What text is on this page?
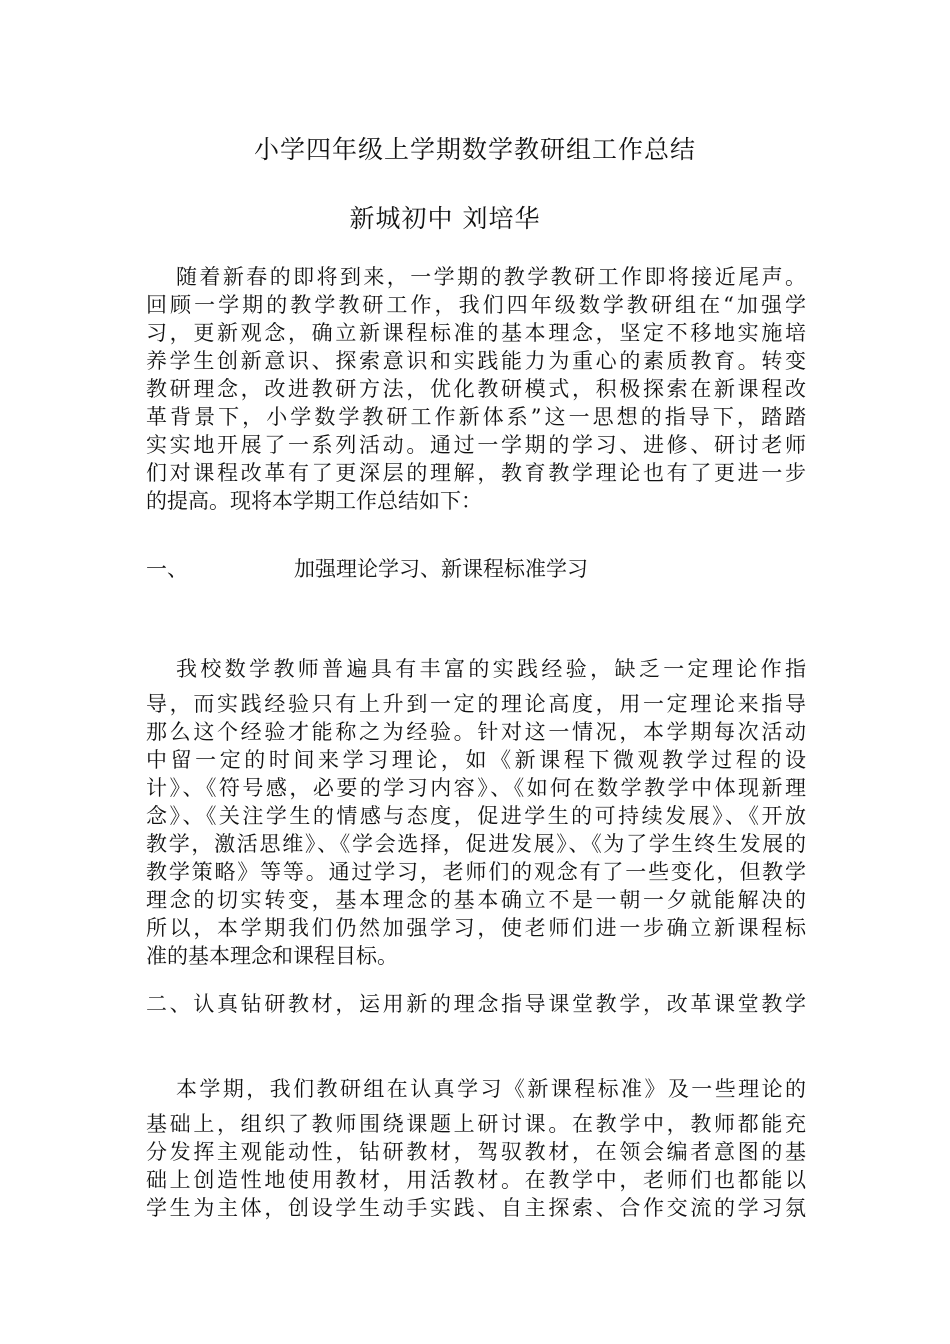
小学四年级上学期数学教研组工作总结
新城初中 刘培华
随着新春的即将到来，一学期的教学教研工作即将接近尾声。
回顾一学期的教学教研工作，我们四年级数学教研组在“加强学
习，更新观念，确立新课程标准的基本理念，坚定不移地实施培
养学生创新意识、探索意识和实践能力为重心的素质教育。转变
教研理念，改进教研方法，优化教研模式，积极探索在新课程改
革背景下，小学数学教研工作新体系”这一思想的指导下，踏踏
实实地开展了一系列活动。通过一学期的学习、进修、研讨老师
们对课程改革有了更深层的理解，教育教学理论也有了更进一步
的提高。现将本学期工作总结如下：
一、	加强理论学习、新课程标准学习
我校数学教师普遍具有丰富的实践经验，缺乏一定理论作指
导，而实践经验只有上升到一定的理论高度，用一定理论来指导
那么这个经验才能称之为经验。针对这一情况，本学期每次活动
中留一定的时间来学习理论，如《新课程下微观教学过程的设
计》、《符号感，必要的学习内容》、《如何在数学教学中体现新理
念》、《关注学生的情感与态度，促进学生的可持续发展》、《开放
教学，激活思维》、《学会选择，促进发展》、《为了学生终生发展的
教学策略》等等。通过学习，老师们的观念有了一些变化，但教学
理念的切实转变，基本理念的基本确立不是一朝一夕就能解决的
所以，本学期我们仍然加强学习，使老师们进一步确立新课程标
准的基本理念和课程目标。
二、认真钻研教材，运用新的理念指导课堂教学，改革课堂教学
本学期，我们教研组在认真学习《新课程标准》及一些理论的
基础上，组织了教师围绕课题上研讨课。在教学中，教师都能充
分发挥主观能动性，钻研教材，驾驭教材，在领会编者意图的基
础上创造性地使用教材，用活教材。在教学中，老师们也都能以
学生为主体，创设学生动手实践、自主探索、合作交流的学习氛
